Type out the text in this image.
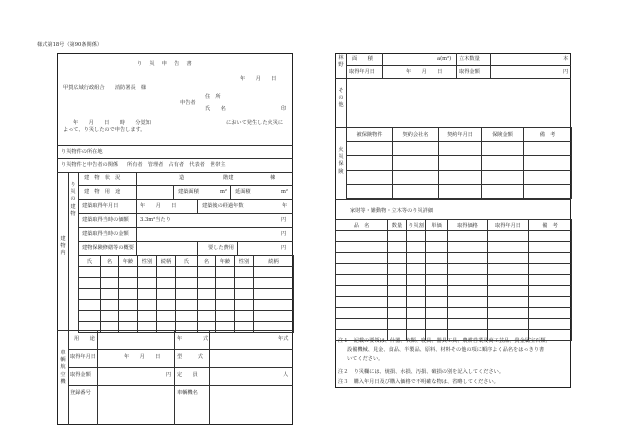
様式第18号（第90条関係）
り　災　申　告　書
年　　月　　日
甲賀広域行政組合　　消防署長　様
住　所
申告者
氏　　名	印
年　　月　　日　　時　　分覚知	において発生した火災に
よって、り災したので申告します。
り災物件の所在地
り災物件と申告者の関係 所有者　管理者　占有者　代表者　世帯主
建物内
り災の建物
建　物　状　況	造	階建	棟
建　物　用　途	建築面積	m² 延面積	m²
建築取得年月日	年　　月　　日	建築後の経過年数	年
建築取得当時の価額 3.3m²当たり	円
建築取得当時の金額	円
建物保険修繕等の概要	要した費用	円
氏	名	年齢	性別	続柄	氏	名	年齢	性別	続柄

車輌航空機
用　　途	年　　　　式	年式
取得年月日	年　　月　　日	型　　　式
取得金額	円 定　　員	人
登録番号	車輌機名
林野
面　　積	a(m²) 立木数量	本
取得年月日	年　　月　　日	取得金額	円
その他
火災保険
被保険物件	契約会社名	契約年月日	保険金額	備　考

家財等・雑動物・立木等のり災詳細
品　名	数量	り災割	単価	取得価格	取得年月日	備　考

注１　記載の要領は、什器、衣類、寝具、器具工具、農耕営業及商工芸品、貴金属宝石類、
設備機械、見金、食品、半製品、原料、材料その他の項に順序よく品名をはっきり書
いてください。
注２　り災欄には、焼損、水損、汚損、破損の別を記入してください。
注３　購入年月日及び購入価格で不明確な物は、省略してください。
